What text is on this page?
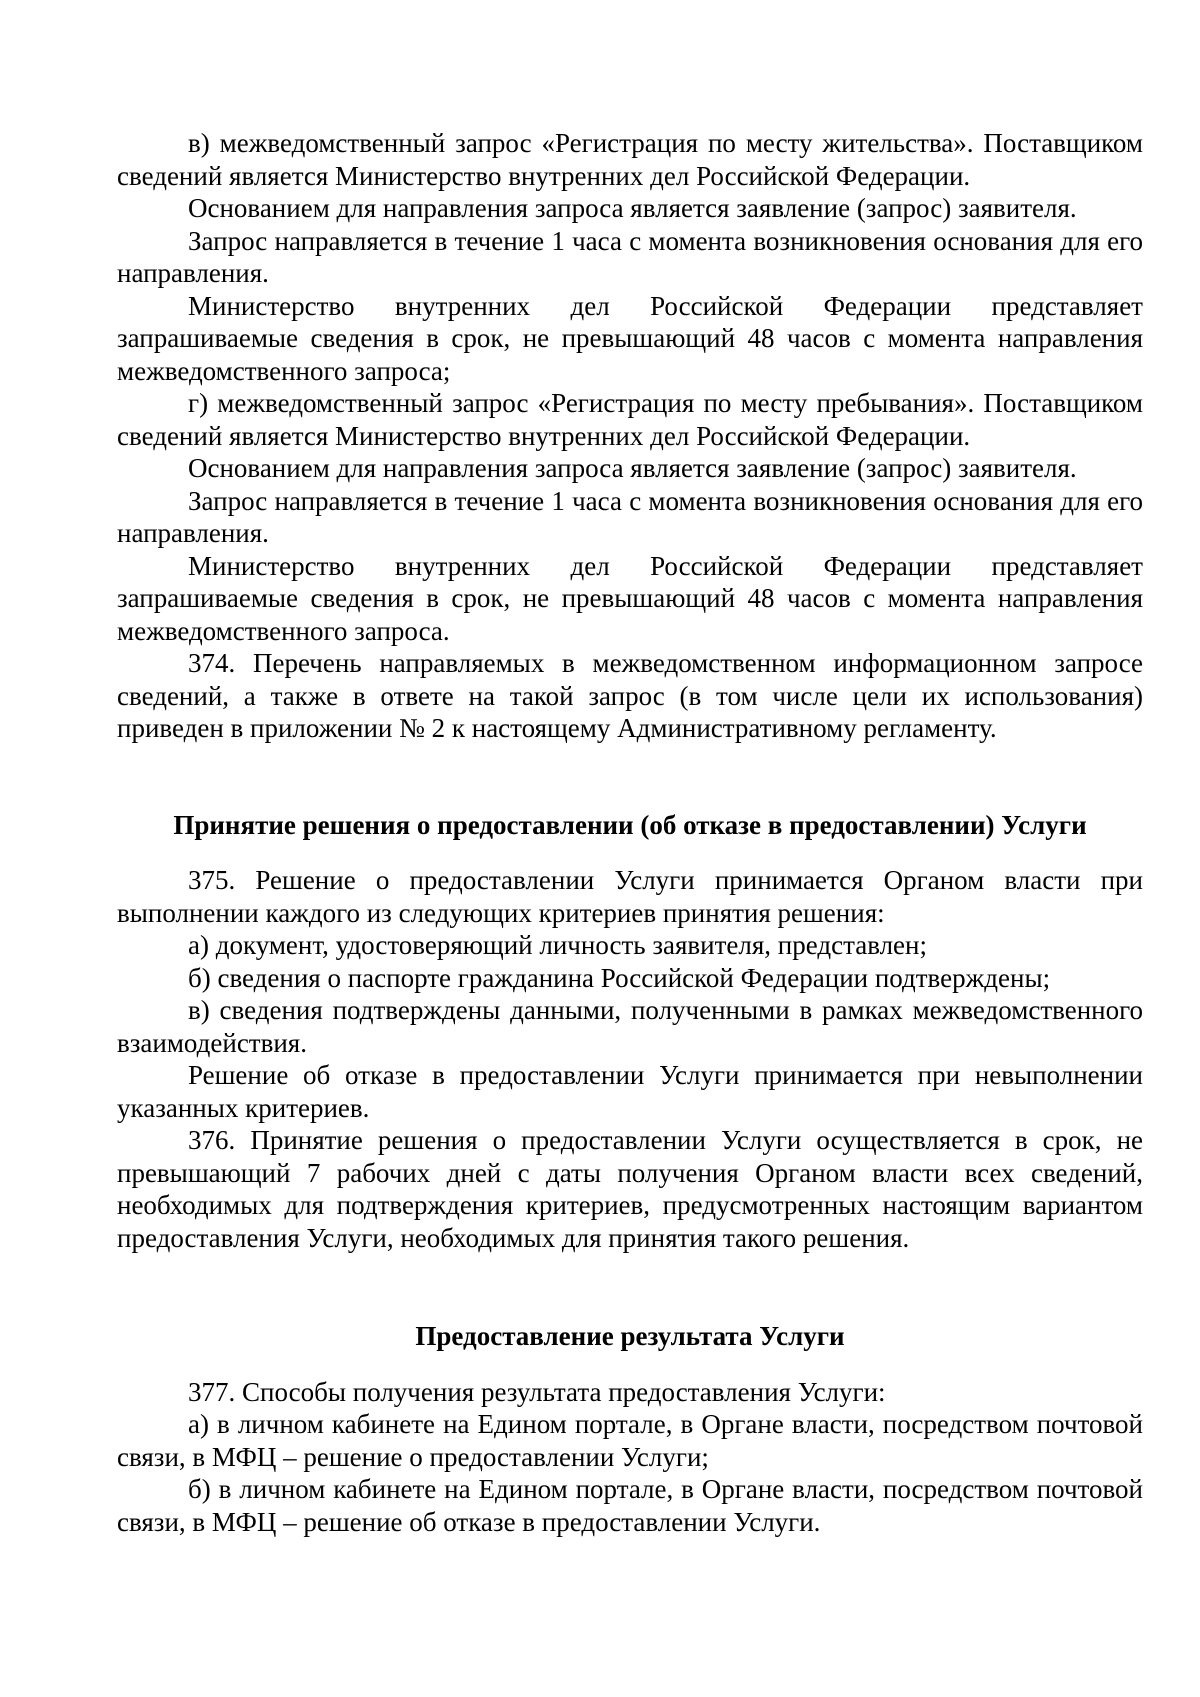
в) межведомственный запрос «Регистрация по месту жительства». Поставщиком сведений является Министерство внутренних дел Российской Федерации.

Основанием для направления запроса является заявление (запрос) заявителя.

Запрос направляется в течение 1 часа с момента возникновения основания для его направления.

Министерство внутренних дел Российской Федерации представляет запрашиваемые сведения в срок, не превышающий 48 часов с момента направления межведомственного запроса;

г) межведомственный запрос «Регистрация по месту пребывания». Поставщиком сведений является Министерство внутренних дел Российской Федерации.

Основанием для направления запроса является заявление (запрос) заявителя.

Запрос направляется в течение 1 часа с момента возникновения основания для его направления.

Министерство внутренних дел Российской Федерации представляет запрашиваемые сведения в срок, не превышающий 48 часов с момента направления межведомственного запроса.

374. Перечень направляемых в межведомственном информационном запросе сведений, а также в ответе на такой запрос (в том числе цели их использования) приведен в приложении № 2 к настоящему Административному регламенту.

Принятие решения о предоставлении (об отказе в предоставлении) Услуги

375. Решение о предоставлении Услуги принимается Органом власти при выполнении каждого из следующих критериев принятия решения:

а) документ, удостоверяющий личность заявителя, представлен;

б) сведения о паспорте гражданина Российской Федерации подтверждены;

в) сведения подтверждены данными, полученными в рамках межведомственного взаимодействия.

Решение об отказе в предоставлении Услуги принимается при невыполнении указанных критериев.

376. Принятие решения о предоставлении Услуги осуществляется в срок, не превышающий 7 рабочих дней с даты получения Органом власти всех сведений, необходимых для подтверждения критериев, предусмотренных настоящим вариантом предоставления Услуги, необходимых для принятия такого решения.

Предоставление результата Услуги

377. Способы получения результата предоставления Услуги:

а) в личном кабинете на Едином портале, в Органе власти, посредством почтовой связи, в МФЦ – решение о предоставлении Услуги;

б) в личном кабинете на Едином портале, в Органе власти, посредством почтовой связи, в МФЦ – решение об отказе в предоставлении Услуги.
